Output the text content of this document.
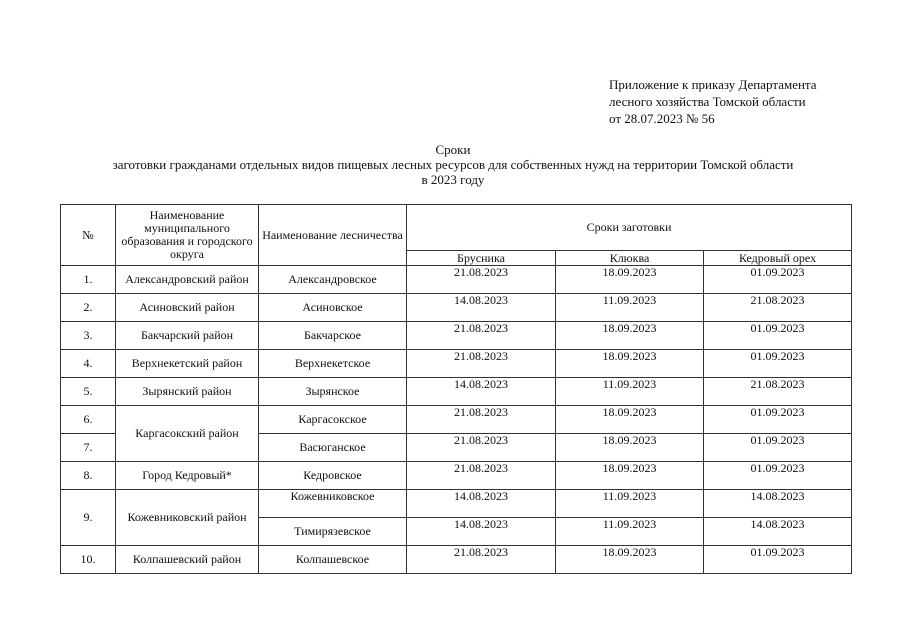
Приложение к приказу Департамента
лесного хозяйства Томской области
от 28.07.2023 № 56
Сроки
заготовки гражданами отдельных видов пищевых лесных ресурсов для собственных нужд на территории Томской области
в 2023 году
№	Наименование муниципального образования и городского округа	Наименование лесничества	Сроки заготовки		
			Брусника	Клюква	Кедровый орех
1.	Александровский район	Александровское	21.08.2023	18.09.2023	01.09.2023
2.	Асиновский район	Асиновское	14.08.2023	11.09.2023	21.08.2023
3.	Бакчарский район	Бакчарское	21.08.2023	18.09.2023	01.09.2023
4.	Верхнекетский район	Верхнекетское	21.08.2023	18.09.2023	01.09.2023
5.	Зырянский район	Зырянское	14.08.2023	11.09.2023	21.08.2023
6.	Каргасокский район	Каргасокское	21.08.2023	18.09.2023	01.09.2023
7.		Васюганское	21.08.2023	18.09.2023	01.09.2023
8.	Город Кедровый*	Кедровское	21.08.2023	18.09.2023	01.09.2023
9.	Кожевниковский район	Кожевниковское	14.08.2023	11.09.2023	14.08.2023
		Тимирязевское	14.08.2023	11.09.2023	14.08.2023
10.	Колпашевский район	Колпашевское	21.08.2023	18.09.2023	01.09.2023
